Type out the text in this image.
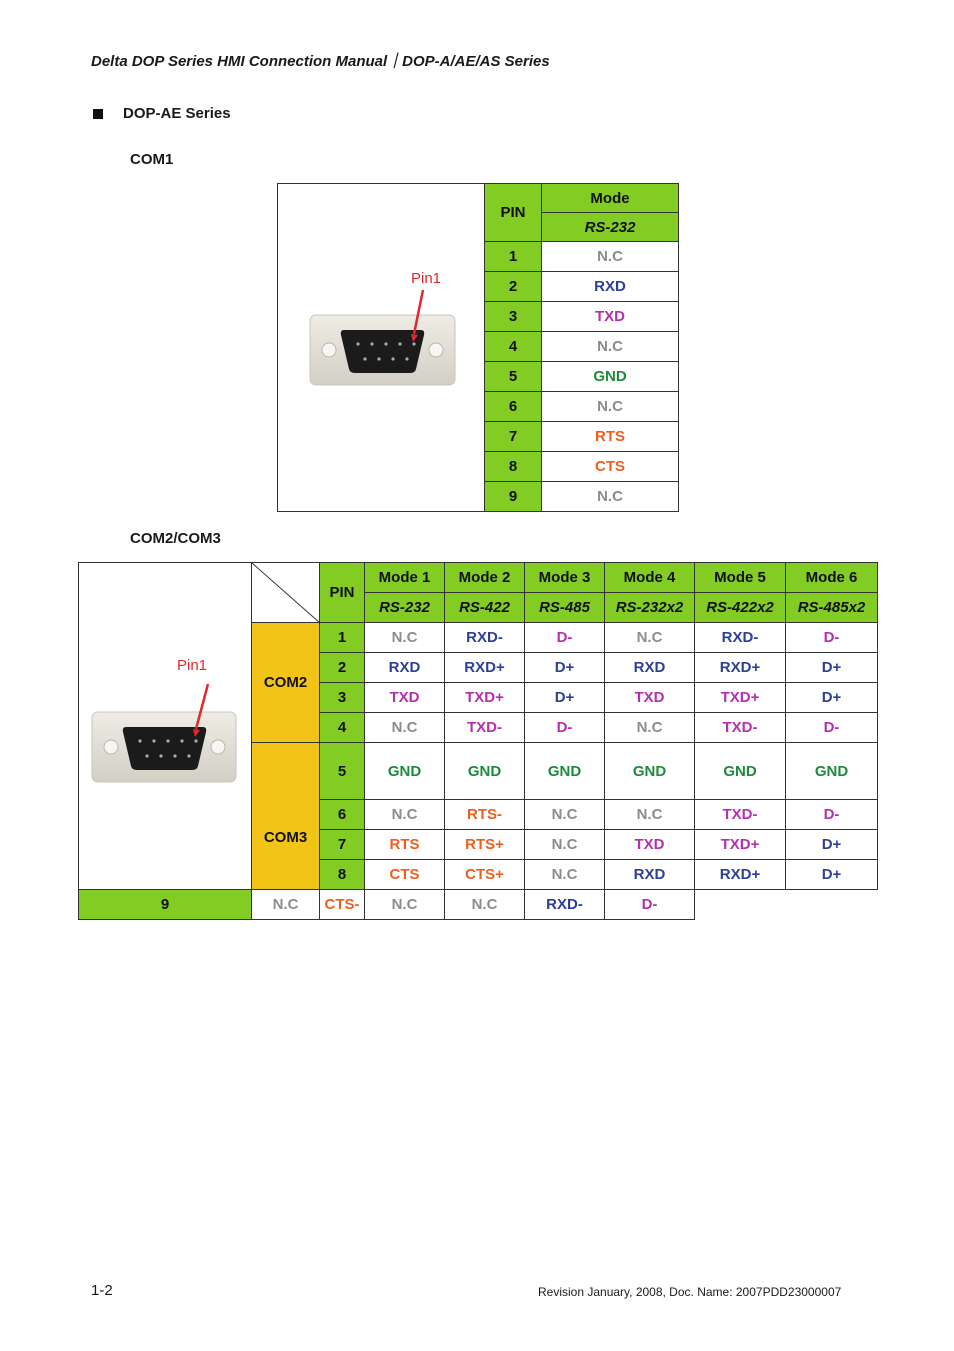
Delta DOP Series HMI Connection Manual｜DOP-A/AE/AS Series
DOP-AE Series
COM1
Pin1	PIN	Mode
		RS-232
	1	N.C
	2	RXD
	3	TXD
	4	N.C
	5	GND
	6	N.C
	7	RTS
	8	CTS
	9	N.C
COM2/COM3
Pin1		PIN	Mode 1	Mode 2	Mode 3	Mode 4	Mode 5	Mode 6
			RS-232	RS-422	RS-485	RS-232x2	RS-422x2	RS-485x2
	COM2	1	N.C	RXD-	D-	N.C	RXD-	D-
		2	RXD	RXD+	D+	RXD	RXD+	D+
		3	TXD	TXD+	D+	TXD	TXD+	D+
		4	N.C	TXD-	D-	N.C	TXD-	D-
	COM3	5	GND	GND	GND	GND	GND	GND

		6	N.C	RTS-	N.C	N.C	TXD-	D-
		7	RTS	RTS+	N.C	TXD	TXD+	D+
		8	CTS	CTS+	N.C	RXD	RXD+	D+
9	N.C	CTS-	N.C	N.C	RXD-	D-		
1-2	Revision January, 2008, Doc. Name: 2007PDD23000007
